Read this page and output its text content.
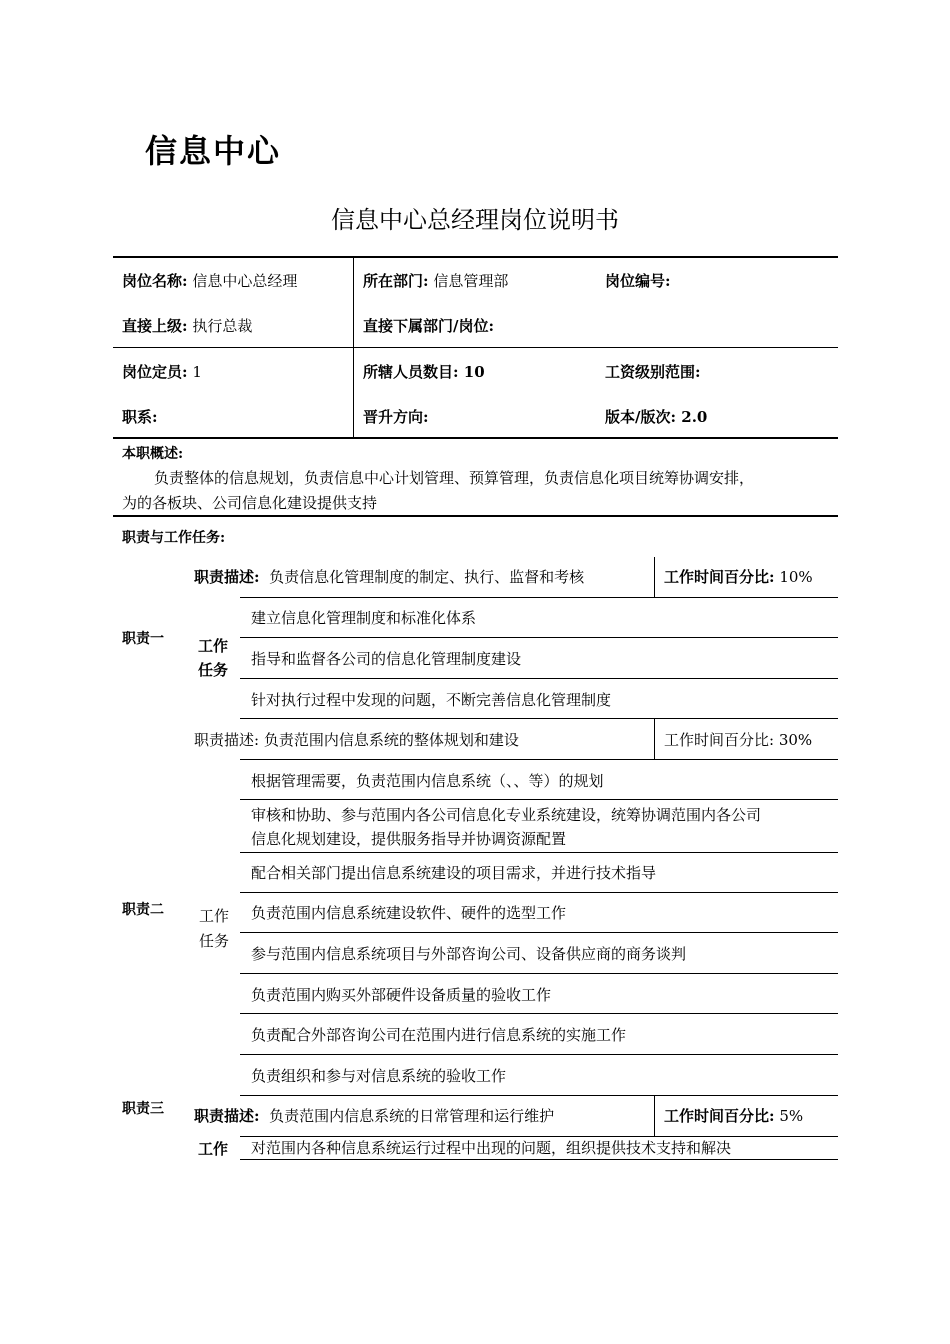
信息中心
信息中心总经理岗位说明书
岗位名称: 信息中心总经理	所在部门: 信息管理部	岗位编号:
直接上级: 执行总裁	直接下属部门/岗位:
岗位定员: 1	所辖人员数目: 10	工资级别范围:
职系:	晋升方向:	版本/版次: 2.0
本职概述:
负责整体的信息规划，负责信息中心计划管理、预算管理，负责信息化项目统筹协调安排，
为的各板块、公司信息化建设提供支持
职责与工作任务:
职责一
职责描述: 负责信息化管理制度的制定、执行、监督和考核	工作时间百分比: 10%
工作
任务
建立信息化管理制度和标准化体系
指导和监督各公司的信息化管理制度建设
针对执行过程中发现的问题，不断完善信息化管理制度
职责描述: 负责范围内信息系统的整体规划和建设	工作时间百分比: 30%
职责二 工作
任务
根据管理需要，负责范围内信息系统（、、等）的规划
审核和协助、参与范围内各公司信息化专业系统建设，统筹协调范围内各公司
信息化规划建设，提供服务指导并协调资源配置
配合相关部门提出信息系统建设的项目需求，并进行技术指导
负责范围内信息系统建设软件、硬件的选型工作
参与范围内信息系统项目与外部咨询公司、设备供应商的商务谈判
负责范围内购买外部硬件设备质量的验收工作
负责配合外部咨询公司在范围内进行信息系统的实施工作
负责组织和参与对信息系统的验收工作
职责三 职责描述: 负责范围内信息系统的日常管理和运行维护	工作时间百分比: 5%
工作 对范围内各种信息系统运行过程中出现的问题，组织提供技术支持和解决
